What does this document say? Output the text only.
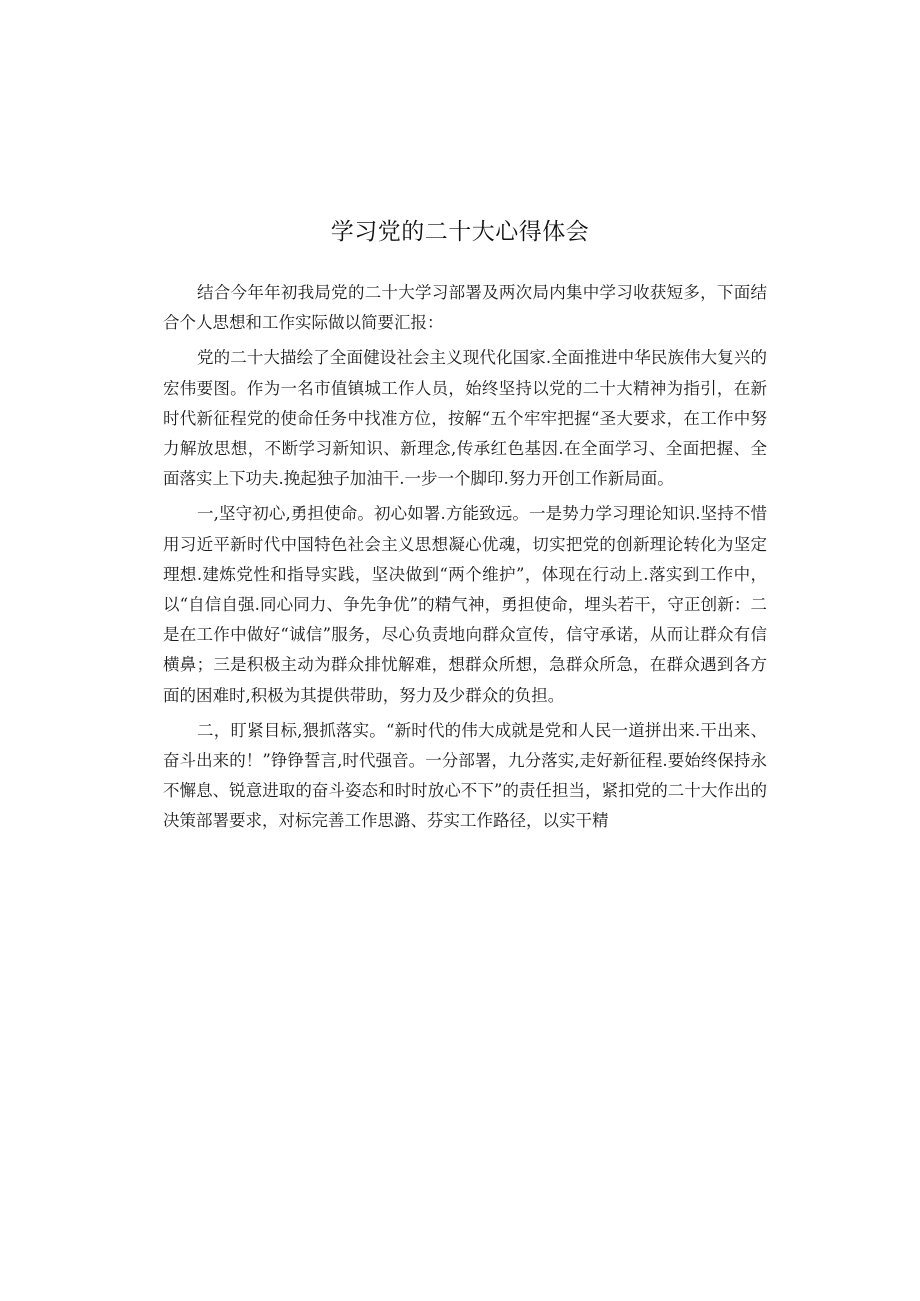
学习党的二十大心得体会

结合今年年初我局党的二十大学习部署及两次局内集中学习收获短多，下面结合个人思想和工作实际做以简要汇报：

党的二十大描绘了全面健设社会主义现代化国家.全面推进中华民族伟大复兴的宏伟要图。作为一名市值镇城工作人员，始终坚持以党的二十大精神为指引，在新时代新征程党的使命任务中找准方位，按解“五个牢牢把握“圣大要求，在工作中努力解放思想，不断学习新知识、新理念,传承红色基因.在全面学习、全面把握、全面落实上下功夫.挽起独子加油干.一步一个脚印.努力开创工作新局面。

一,坚守初心,勇担使命。初心如署.方能致远。一是势力学习理论知识.坚持不惜用习近平新时代中国特色社会主义思想凝心优魂，切实把党的创新理论转化为坚定理想.建炼党性和指导实践，坚决做到“两个维护”，体现在行动上.落实到工作中，以“自信自强.同心同力、争先争优”的精气神，勇担使命，埋头若干，守正创新：二是在工作中做好“诚信”服务，尽心负责地向群众宣传，信守承诺，从而让群众有信横鼻；三是积极主动为群众排忧解难，想群众所想，急群众所急，在群众遇到各方面的困难时,积极为其提供带助，努力及少群众的负担。

二，盯紧目标,猥抓落实。“新时代的伟大成就是党和人民一道拼出来.干出来、奋斗出来的！”铮铮誓言,时代强音。一分部署，九分落实,走好新征程.要始终保持永不懈息、锐意进取的奋斗姿态和时时放心不下”的责任担当，紧扣党的二十大作出的决策部署要求，对标完善工作思潞、芬实工作路径，以实干精
